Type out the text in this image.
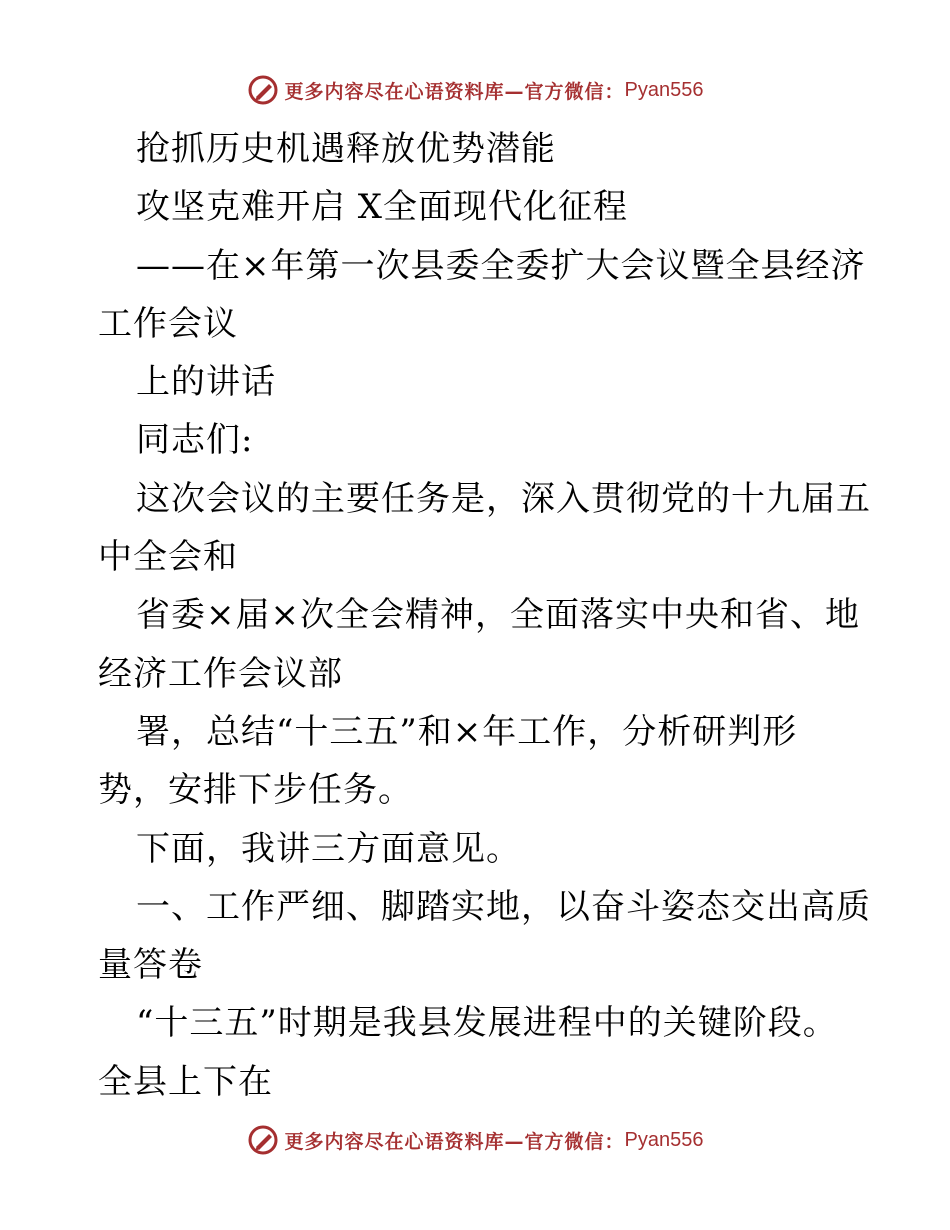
更多内容尽在心语资料库—官方微信： Pyan556
抢抓历史机遇释放优势潜能
攻坚克难开启 X全面现代化征程
——在×年第一次县委全委扩大会议暨全县经济
工作会议
上的讲话
同志们:
这次会议的主要任务是，深入贯彻党的十九届五
中全会和
省委×届×次全会精神，全面落实中央和省、地
经济工作会议部
署，总结“十三五”和×年工作，分析研判形
势，安排下步任务。
下面，我讲三方面意见。
一、工作严细、脚踏实地，以奋斗姿态交出高质
量答卷
“十三五”时期是我县发展进程中的关键阶段。
全县上下在
更多内容尽在心语资料库—官方微信： Pyan556
